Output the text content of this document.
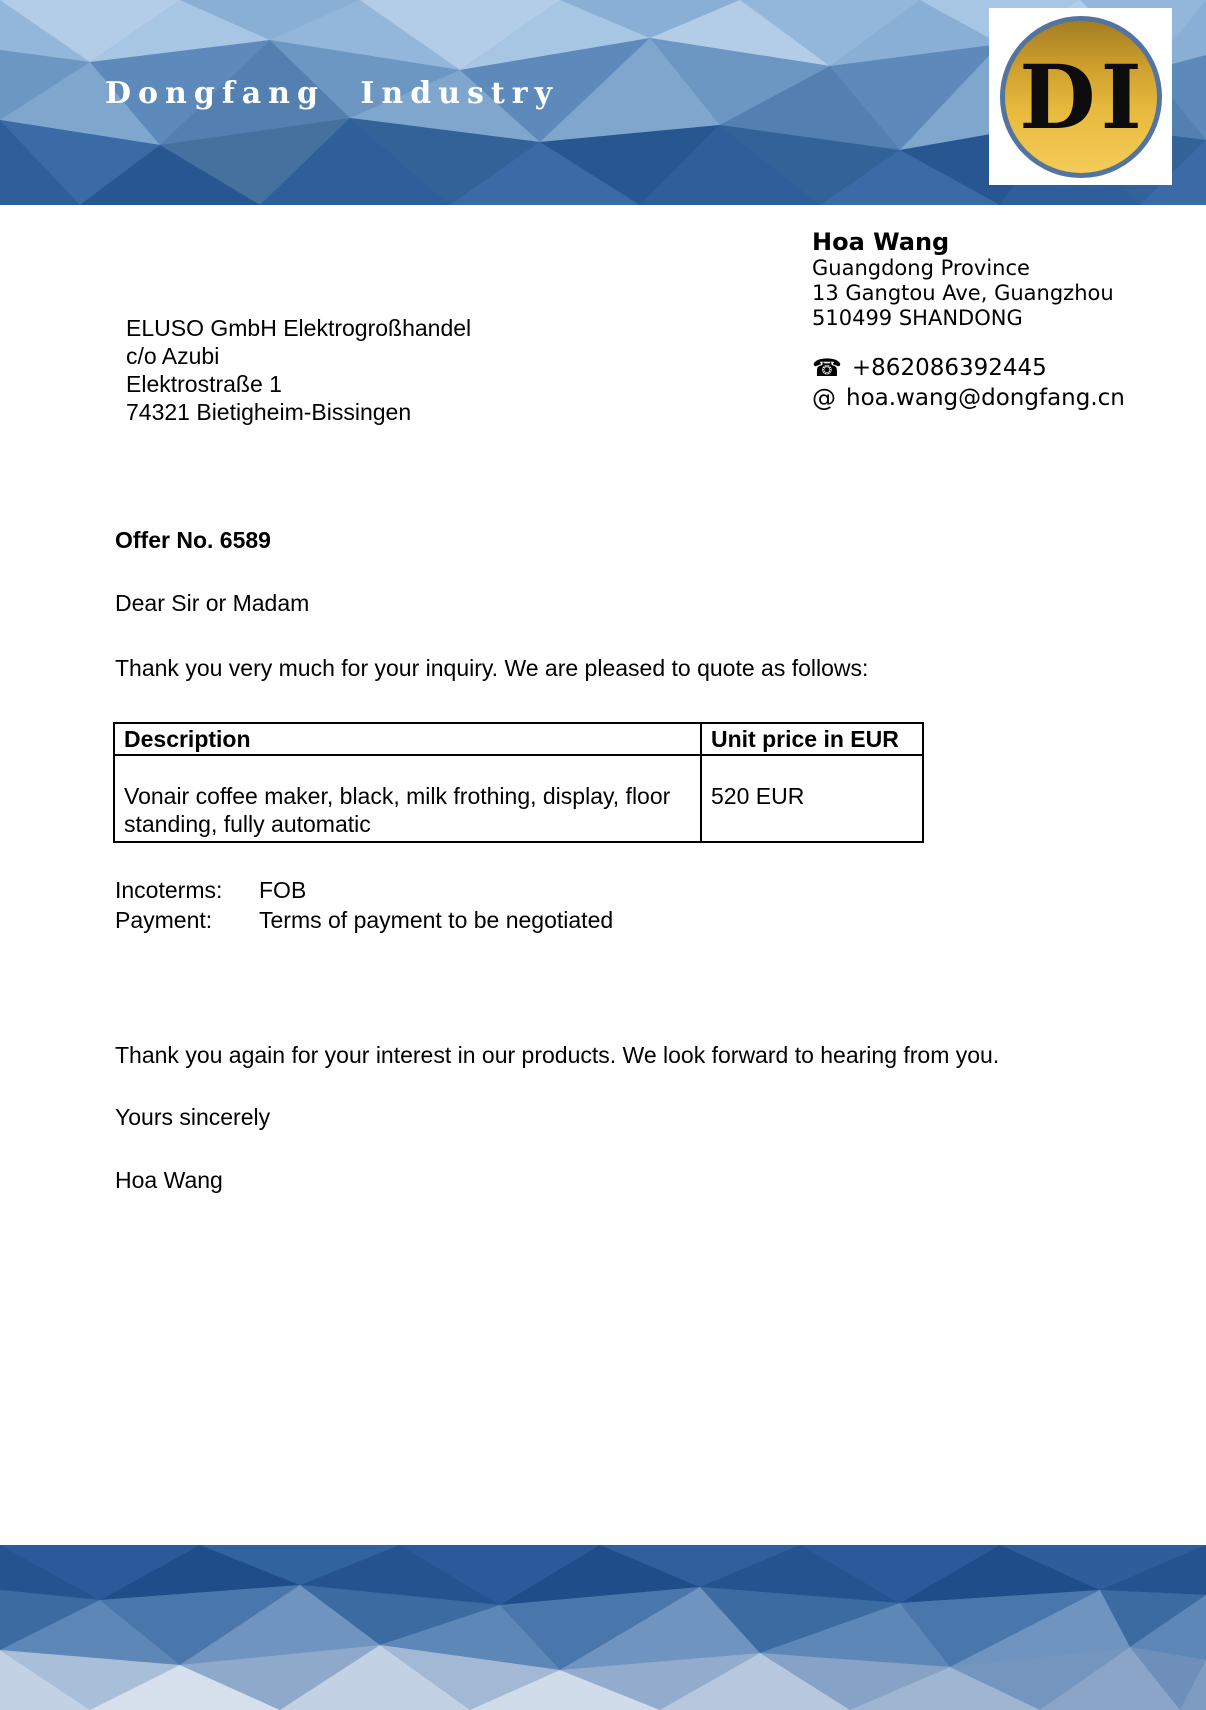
Dongfang Industry	DI
Hoa Wang
Guangdong Province
13 Gangtou Ave, Guangzhou
510499 SHANDONG
☎ +862086392445
@ hoa.wang@dongfang.cn
ELUSO GmbH Elektrogroßhandel
c/o Azubi
Elektrostraße 1
74321 Bietigheim-Bissingen
Offer No. 6589
Dear Sir or Madam
Thank you very much for your inquiry. We are pleased to quote as follows:
Description	Unit price in EUR
Vonair coffee maker, black, milk frothing, display, floor standing, fully automatic	520 EUR
Incoterms:	FOB
Payment:	Terms of payment to be negotiated
Thank you again for your interest in our products. We look forward to hearing from you.
Yours sincerely
Hoa Wang
